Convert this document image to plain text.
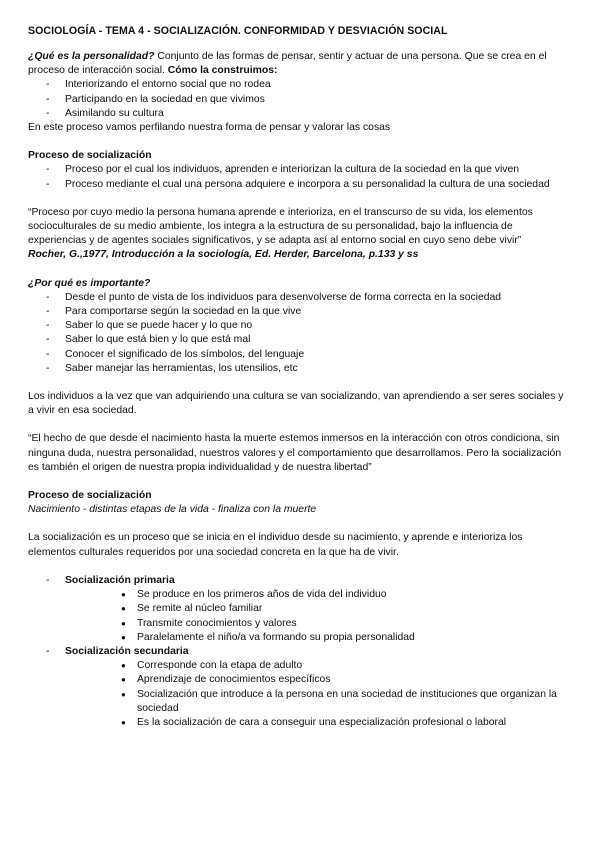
SOCIOLOGÍA - TEMA 4 - SOCIALIZACIÓN. CONFORMIDAD Y DESVIACIÓN SOCIAL

¿Qué es la personalidad? Conjunto de las formas de pensar, sentir y actuar de una persona. Que se crea en el proceso de interacción social. Cómo la construimos:

- Interiorizando el entorno social que no rodea
- Participando en la sociedad en que vivimos
- Asimilando su cultura

En este proceso vamos perfilando nuestra forma de pensar y valorar las cosas

Proceso de socialización

- Proceso por el cual los individuos, aprenden e interiorizan la cultura de la sociedad en la que viven
- Proceso mediante el cual una persona adquiere e incorpora a su personalidad la cultura de una sociedad

“Proceso por cuyo medio la persona humana aprende e interioriza, en el transcurso de su vida, los elementos socioculturales de su medio ambiente, los integra a la estructura de su personalidad, bajo la influencia de experiencias y de agentes sociales significativos, y se adapta así al entorno social en cuyo seno debe vivir”

Rocher, G.,1977, Introducción a la sociología, Ed. Herder, Barcelona, p.133 y ss

¿Por qué es importante?

- Desde el punto de vista de los individuos para desenvolverse de forma correcta en la sociedad
- Para comportarse según la sociedad en la que vive
- Saber lo que se puede hacer y lo que no
- Saber lo que está bien y lo que está mal
- Conocer el significado de los símbolos, del lenguaje
- Saber manejar las herramientas, los utensilios, etc

Los individuos a la vez que van adquiriendo una cultura se van socializando, van aprendiendo a ser seres sociales y a vivir en esa sociedad.

“El hecho de que desde el nacimiento hasta la muerte estemos inmersos en la interacción con otros condiciona, sin ninguna duda, nuestra personalidad, nuestros valores y el comportamiento que desarrollamos. Pero la socialización es también el origen de nuestra propia individualidad y de nuestra libertad”

Proceso de socialización

Nacimiento - distintas etapas de la vida - finaliza con la muerte

La socialización es un proceso que se inicia en el individuo desde su nacimiento, y aprende e interioriza los elementos culturales requeridos por una sociedad concreta en la que ha de vivir.

- Socialización primaria
● Se produce en los primeros años de vida del individuo
● Se remite al núcleo familiar
● Transmite conocimientos y valores
● Paralelamente el niño/a va formando su propia personalidad
- Socialización secundaria
● Corresponde con la etapa de adulto
● Aprendizaje de conocimientos específicos
● Socialización que introduce a la persona en una sociedad de instituciones que organizan la sociedad
● Es la socialización de cara a conseguir una especialización profesional o laboral
